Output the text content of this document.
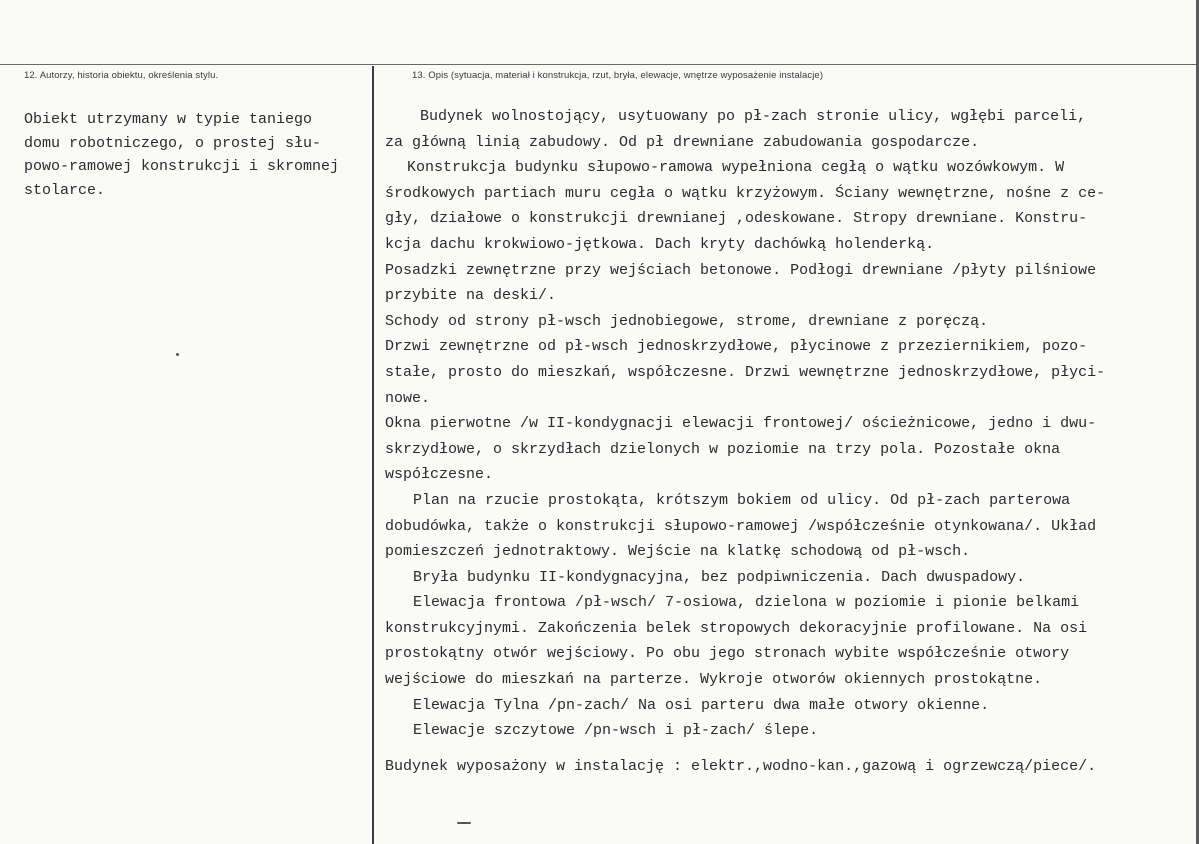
12. Autorzy, historia obiektu, określenia stylu.	13. Opis (sytuacja, materiał i konstrukcja, rzut, bryła, elewacje, wnętrze wyposażenie instalacje)
Obiekt utrzymany w typie taniego
domu robotniczego, o prostej słu-
powo-ramowej konstrukcji i skromnej
stolarce.
Budynek wolnostojący, usytuowany po pł-zach stronie ulicy, wgłębi parceli,
za główną linią zabudowy. Od pł drewniane zabudowania gospodarcze.
Konstrukcja budynku słupowo-ramowa wypełniona cegłą o wątku wozówkowym. W
środkowych partiach muru cegła o wątku krzyżowym. Ściany wewnętrzne, nośne z ce-
gły, działowe o konstrukcji drewnianej ,odeskowane. Stropy drewniane. Konstru-
kcja dachu krokwiowo-jętkowa. Dach kryty dachówką holenderką.
Posadzki zewnętrzne przy wejściach betonowe. Podłogi drewniane /płyty pilśniowe
przybite na deski/.
Schody od strony pł-wsch jednobiegowe, strome, drewniane z poręczą.
Drzwi zewnętrzne od pł-wsch jednoskrzydłowe, płycinowe z przeziernikiem, pozo-
stałe, prosto do mieszkań, współczesne. Drzwi wewnętrzne jednoskrzydłowe, płyci-
nowe.
Okna pierwotne /w II-kondygnacji elewacji frontowej/ ościeżnicowe, jedno i dwu-
skrzydłowe, o skrzydłach dzielonych w poziomie na trzy pola. Pozostałe okna
współczesne.
Plan na rzucie prostokąta, krótszym bokiem od ulicy. Od pł-zach parterowa
dobudówka, także o konstrukcji słupowo-ramowej /współcześnie otynkowana/. Układ
pomieszczeń jednotraktowy. Wejście na klatkę schodową od pł-wsch.
Bryła budynku II-kondygnacyjna, bez podpiwniczenia. Dach dwuspadowy.
Elewacja frontowa /pł-wsch/ 7-osiowa, dzielona w poziomie i pionie belkami
konstrukcyjnymi. Zakończenia belek stropowych dekoracyjnie profilowane. Na osi
prostokątny otwór wejściowy. Po obu jego stronach wybite współcześnie otwory
wejściowe do mieszkań na parterze. Wykroje otworów okiennych prostokątne.
Elewacja Tylna /pn-zach/ Na osi parteru dwa małe otwory okienne.
Elewacje szczytowe /pn-wsch i pł-zach/ ślepe.
Budynek wyposażony w instalację : elektr.,wodno-kan.,gazową i ogrzewczą/piece/.
